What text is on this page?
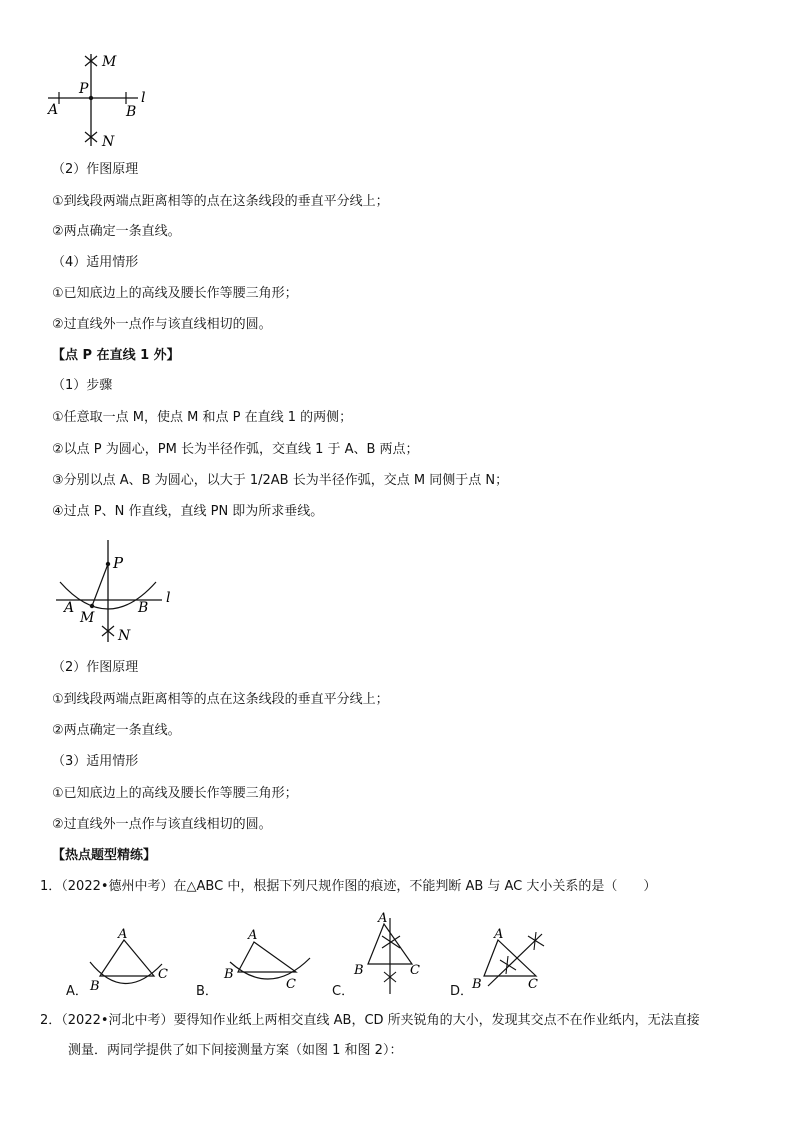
M
P
A	B
N
l
（2）作图原理
①到线段两端点距离相等的点在这条线段的垂直平分线上；
②两点确定一条直线。
（4）适用情形
①已知底边上的高线及腰长作等腰三角形；
②过直线外一点作与该直线相切的圆。
【点 P 在直线 1 外】
（1）步骤
①任意取一点 M，使点 M 和点 P 在直线 1 的两侧；
②以点 P 为圆心，PM 长为半径作弧，交直线 1 于 A、B 两点；
③分别以点 A、B 为圆心，以大于 1/2AB 长为半径作弧，交点 M 同侧于点 N；
④过点 P、N 作直线，直线 PN 即为所求垂线。
P
A	B
M
N
l
（2）作图原理
①到线段两端点距离相等的点在这条线段的垂直平分线上；
②两点确定一条直线。
（3）适用情形
①已知底边上的高线及腰长作等腰三角形；
②过直线外一点作与该直线相切的圆。
【热点题型精练】
1．（2022•德州中考）在△ABC 中，根据下列尺规作图的痕迹，不能判断 AB 与 AC 大小关系的是（　　）
A．
A
B
C
B．
A
B
C	C．
A
B	C
D．
A
B	C
2．（2022•河北中考）要得知作业纸上两相交直线 AB，CD 所夹锐角的大小，发现其交点不在作业纸内，无法直接
测量．两同学提供了如下间接测量方案（如图 1 和图 2）：
